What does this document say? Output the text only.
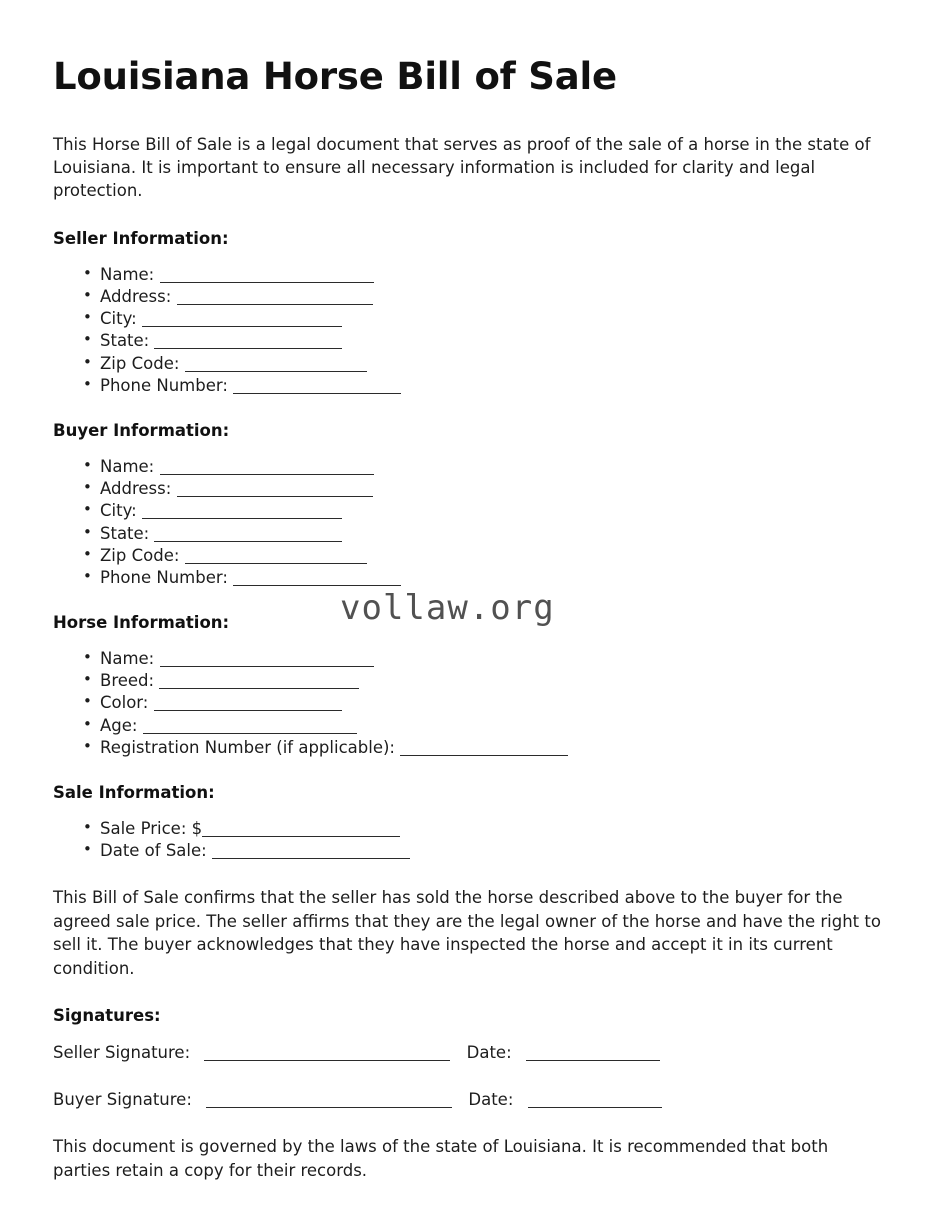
Louisiana Horse Bill of Sale

This Horse Bill of Sale is a legal document that serves as proof of the sale of a horse in the state of Louisiana. It is important to ensure all necessary information is included for clarity and legal protection.

Seller Information:
• Name:
• Address:
• City:
• State:
• Zip Code:
• Phone Number:
Buyer Information:
• Name:
• Address:
• City:
• State:
• Zip Code:
• Phone Number:
Horse Information:
• Name:
• Breed:
• Color:
• Age:
• Registration Number (if applicable):
Sale Information:
• Sale Price: $
• Date of Sale:

This Bill of Sale confirms that the seller has sold the horse described above to the buyer for the agreed sale price. The seller affirms that they are the legal owner of the horse and have the right to sell it. The buyer acknowledges that they have inspected the horse and accept it in its current condition.

Signatures:
Seller Signature:	Date:
Buyer Signature:	Date:

This document is governed by the laws of the state of Louisiana. It is recommended that both parties retain a copy for their records.

vollaw.org
